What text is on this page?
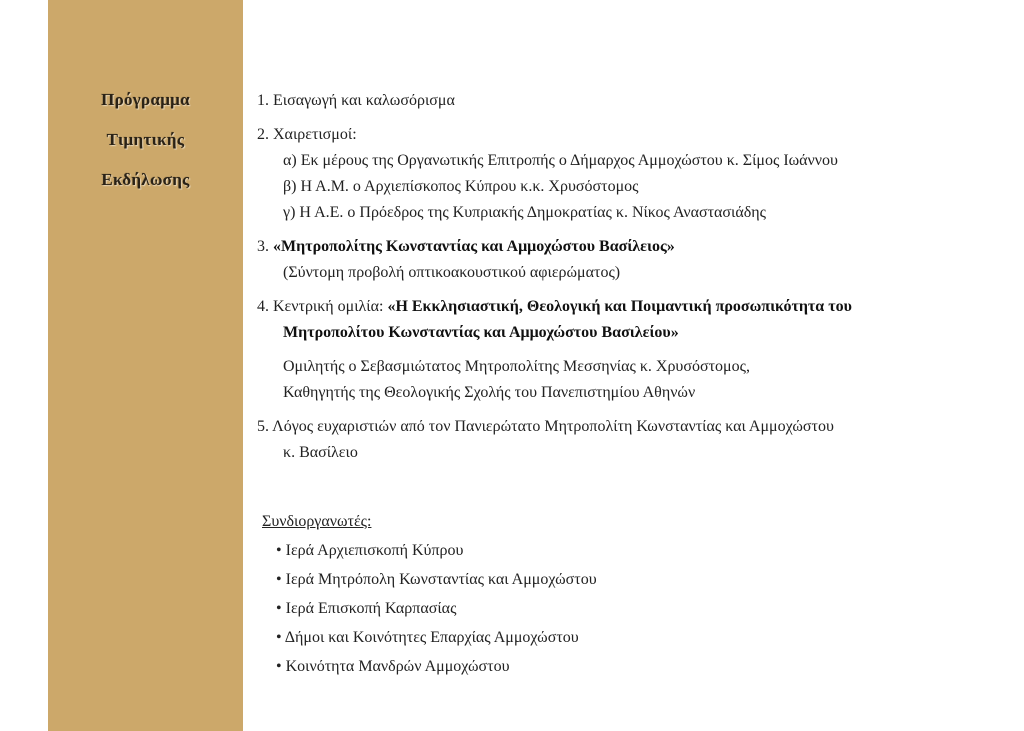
Πρόγραμμα
Τιμητικής
Εκδήλωσης
1. Εισαγωγή και καλωσόρισμα
2. Χαιρετισμοί:
α) Εκ μέρους της Οργανωτικής Επιτροπής ο Δήμαρχος Αμμοχώστου κ. Σίμος Ιωάννου
β) Η Α.Μ. ο Αρχιεπίσκοπος Κύπρου κ.κ. Χρυσόστομος
γ) Η Α.Ε. ο Πρόεδρος της Κυπριακής Δημοκρατίας κ. Νίκος Αναστασιάδης
3. «Μητροπολίτης Κωνσταντίας και Αμμοχώστου Βασίλειος»
(Σύντομη προβολή οπτικοακουστικού αφιερώματος)
4. Κεντρική ομιλία: «Η Εκκλησιαστική, Θεολογική και Ποιμαντική προσωπικότητα του
Μητροπολίτου Κωνσταντίας και Αμμοχώστου Βασιλείου»
Ομιλητής ο Σεβασμιώτατος Μητροπολίτης Μεσσηνίας κ. Χρυσόστομος,
Καθηγητής της Θεολογικής Σχολής του Πανεπιστημίου Αθηνών
5. Λόγος ευχαριστιών από τον Πανιερώτατο Μητροπολίτη Κωνσταντίας και Αμμοχώστου
κ. Βασίλειο
Συνδιοργανωτές:
• Ιερά Αρχιεπισκοπή Κύπρου
• Ιερά Μητρόπολη Κωνσταντίας και Αμμοχώστου
• Ιερά Επισκοπή Καρπασίας
• Δήμοι και Κοινότητες Επαρχίας Αμμοχώστου
• Κοινότητα Μανδρών Αμμοχώστου
